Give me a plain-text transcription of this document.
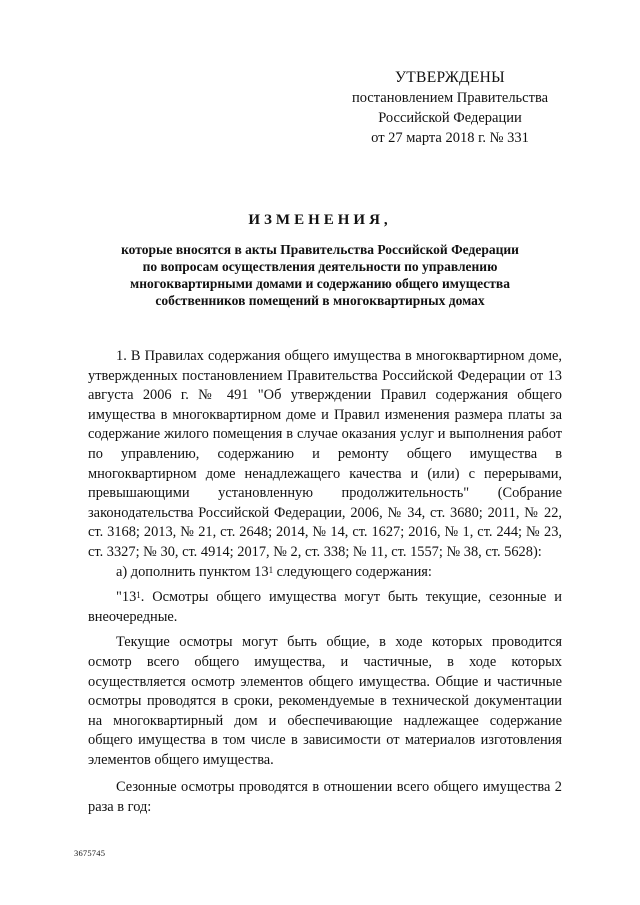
УТВЕРЖДЕНЫ
постановлением Правительства
Российской Федерации
от 27 марта 2018 г. № 331
ИЗМЕНЕНИЯ,
которые вносятся в акты Правительства Российской Федерации
по вопросам осуществления деятельности по управлению
многоквартирными домами и содержанию общего имущества
собственников помещений в многоквартирных домах

1. В Правилах содержания общего имущества в многоквартирном доме, утвержденных постановлением Правительства Российской Федерации от 13 августа 2006 г. № 491 "Об утверждении Правил содержания общего имущества в многоквартирном доме и Правил изменения размера платы за содержание жилого помещения в случае оказания услуг и выполнения работ по управлению, содержанию и ремонту общего имущества в многоквартирном доме ненадлежащего качества и (или) с перерывами, превышающими установленную продолжительность" (Собрание законодательства Российской Федерации, 2006, № 34, ст. 3680; 2011, № 22, ст. 3168; 2013, № 21, ст. 2648; 2014, № 14, ст. 1627; 2016, № 1, ст. 244; № 23, ст. 3327; № 30, ст. 4914; 2017, № 2, ст. 338; № 11, ст. 1557; № 38, ст. 5628):

а) дополнить пунктом $13^1$ следующего содержания:

"$13^1$. Осмотры общего имущества могут быть текущие, сезонные и внеочередные.

Текущие осмотры могут быть общие, в ходе которых проводится осмотр всего общего имущества, и частичные, в ходе которых осуществляется осмотр элементов общего имущества. Общие и частичные осмотры проводятся в сроки, рекомендуемые в технической документации на многоквартирный дом и обеспечивающие надлежащее содержание общего имущества в том числе в зависимости от материалов изготовления элементов общего имущества.

Сезонные осмотры проводятся в отношении всего общего имущества 2 раза в год:

3675745
